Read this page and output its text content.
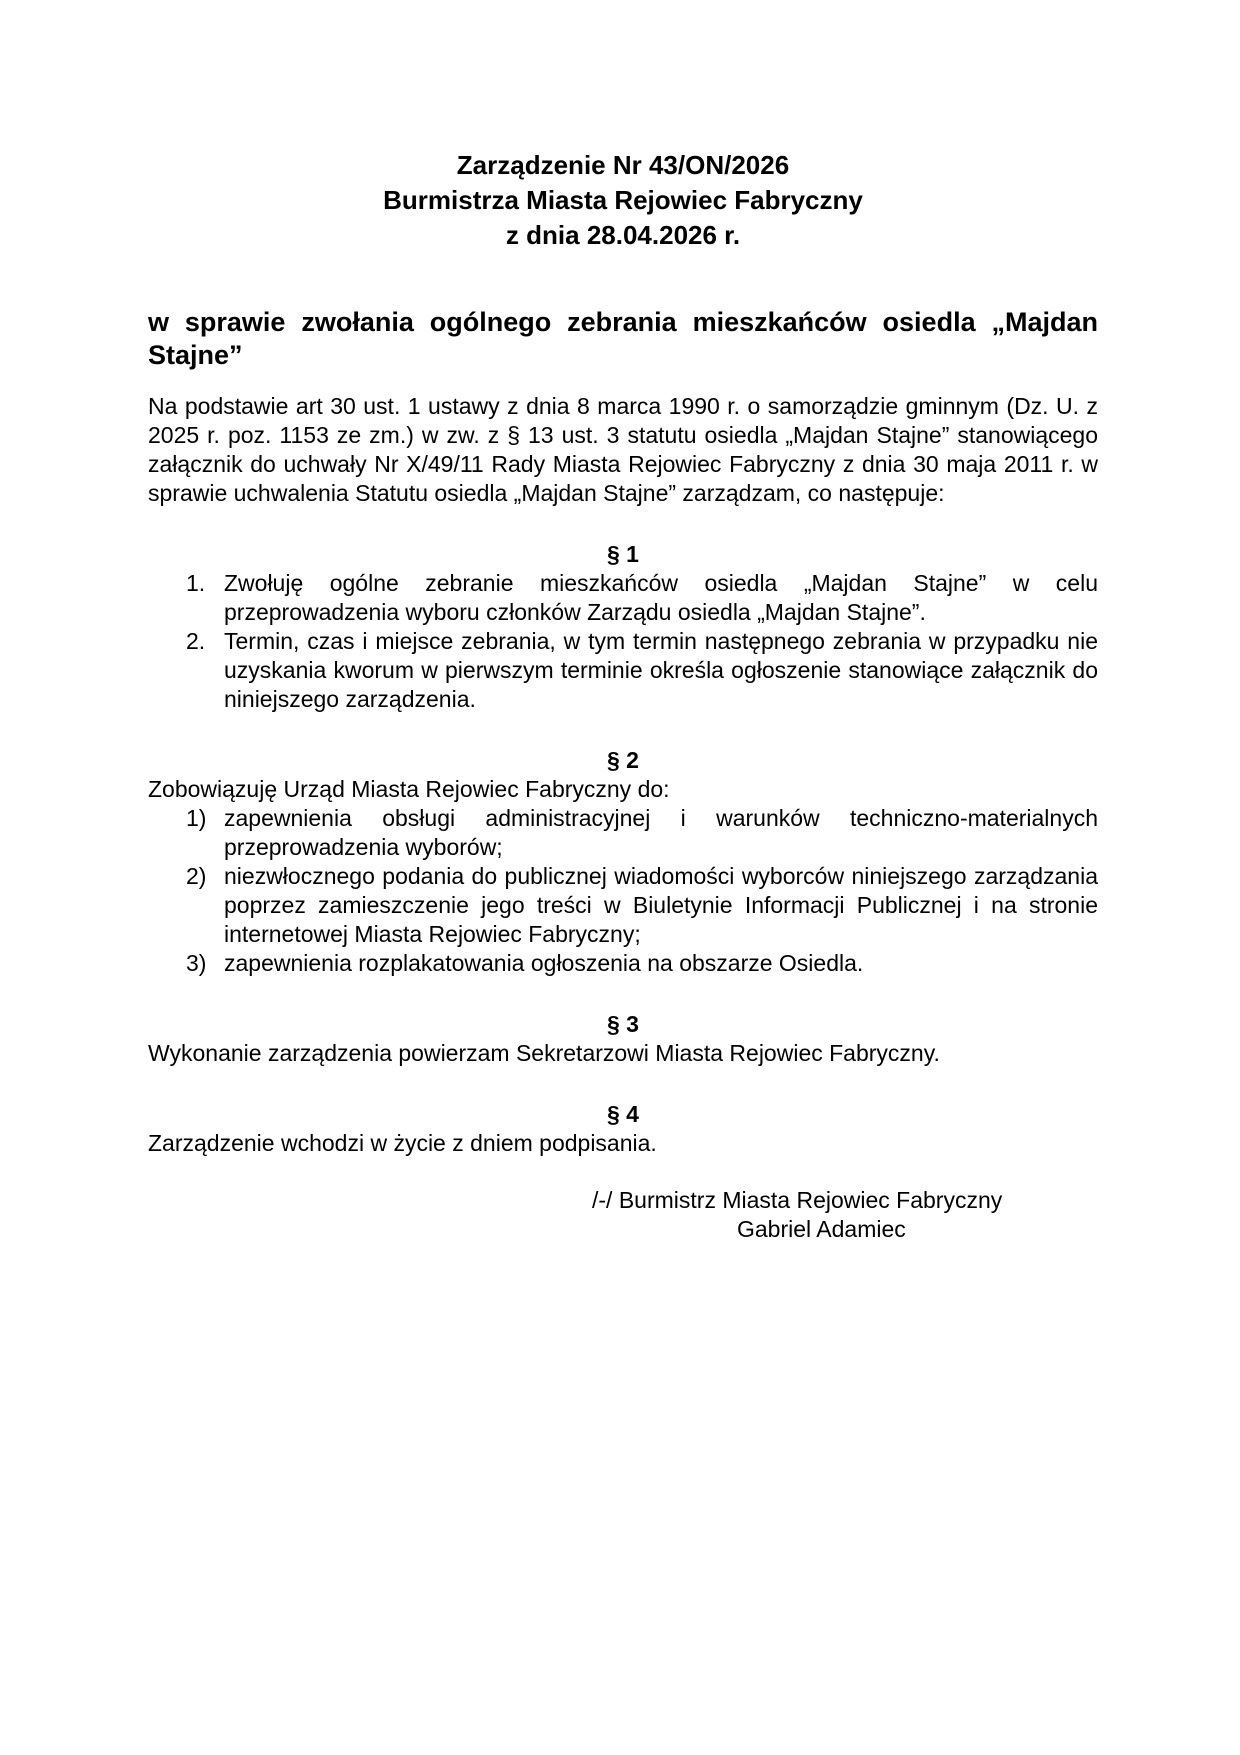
Zarządzenie Nr 43/ON/2026
Burmistrza Miasta Rejowiec Fabryczny
z dnia 28.04.2026 r.
w sprawie zwołania ogólnego zebrania mieszkańców osiedla „Majdan Stajne”
Na podstawie art 30 ust. 1 ustawy z dnia 8 marca 1990 r. o samorządzie gminnym (Dz. U. z 2025 r. poz. 1153 ze zm.) w zw. z § 13 ust. 3 statutu osiedla „Majdan Stajne” stanowiącego załącznik do uchwały Nr X/49/11 Rady Miasta Rejowiec Fabryczny z dnia 30 maja 2011 r. w sprawie uchwalenia Statutu osiedla „Majdan Stajne” zarządzam, co następuje:
§ 1
1. Zwołuję ogólne zebranie mieszkańców osiedla „Majdan Stajne” w celu przeprowadzenia wyboru członków Zarządu osiedla „Majdan Stajne”.
2. Termin, czas i miejsce zebrania, w tym termin następnego zebrania w przypadku nie uzyskania kworum w pierwszym terminie określa ogłoszenie stanowiące załącznik do niniejszego zarządzenia.
§ 2
Zobowiązuję Urząd Miasta Rejowiec Fabryczny do:
1) zapewnienia obsługi administracyjnej i warunków techniczno-materialnych przeprowadzenia wyborów;
2) niezwłocznego podania do publicznej wiadomości wyborców niniejszego zarządzania poprzez zamieszczenie jego treści w Biuletynie Informacji Publicznej i na stronie internetowej Miasta Rejowiec Fabryczny;
3) zapewnienia rozplakatowania ogłoszenia na obszarze Osiedla.
§ 3
Wykonanie zarządzenia powierzam Sekretarzowi Miasta Rejowiec Fabryczny.
§ 4
Zarządzenie wchodzi w życie z dniem podpisania.
/-/ Burmistrz Miasta Rejowiec Fabryczny
Gabriel Adamiec
